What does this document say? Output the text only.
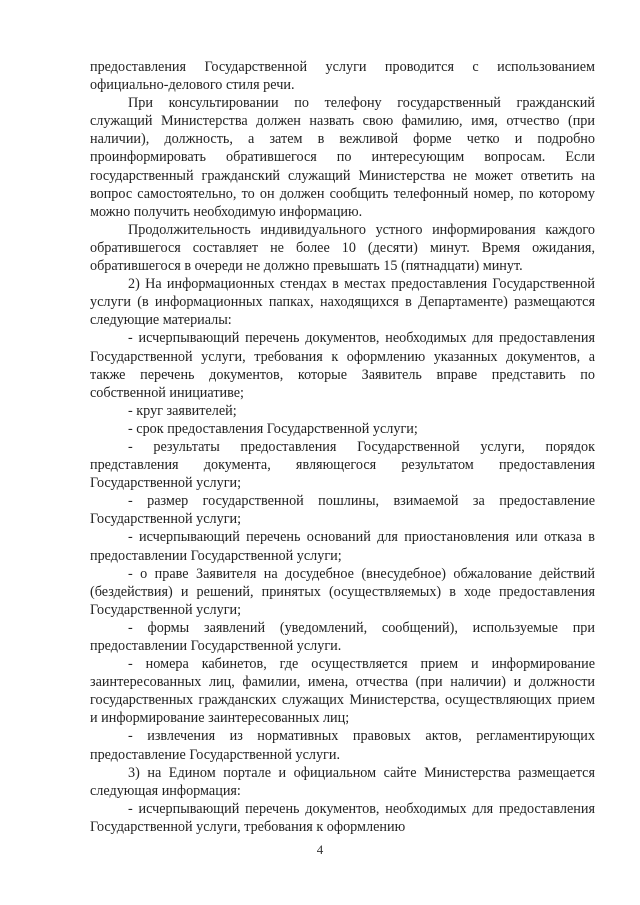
предоставления Государственной услуги проводится с использованием официально-делового стиля речи.

При консультировании по телефону государственный гражданский служащий Министерства должен назвать свою фамилию, имя, отчество (при наличии), должность, а затем в вежливой форме четко и подробно проинформировать обратившегося по интересующим вопросам. Если государственный гражданский служащий Министерства не может ответить на вопрос самостоятельно, то он должен сообщить телефонный номер, по которому можно получить необходимую информацию.

Продолжительность индивидуального устного информирования каждого обратившегося составляет не более 10 (десяти) минут. Время ожидания, обратившегося в очереди не должно превышать 15 (пятнадцати) минут.

2) На информационных стендах в местах предоставления Государственной услуги (в информационных папках, находящихся в Департаменте) размещаются следующие материалы:

- исчерпывающий перечень документов, необходимых для предоставления Государственной услуги, требования к оформлению указанных документов, а также перечень документов, которые Заявитель вправе представить по собственной инициативе;

- круг заявителей;

- срок предоставления Государственной услуги;

- результаты предоставления Государственной услуги, порядок представления документа, являющегося результатом предоставления Государственной услуги;

- размер государственной пошлины, взимаемой за предоставление Государственной услуги;

- исчерпывающий перечень оснований для приостановления или отказа в предоставлении Государственной услуги;

- о праве Заявителя на досудебное (внесудебное) обжалование действий (бездействия) и решений, принятых (осуществляемых) в ходе предоставления Государственной услуги;

- формы заявлений (уведомлений, сообщений), используемые при предоставлении Государственной услуги.

- номера кабинетов, где осуществляется прием и информирование заинтересованных лиц, фамилии, имена, отчества (при наличии) и должности государственных гражданских служащих Министерства, осуществляющих прием и информирование заинтересованных лиц;

- извлечения из нормативных правовых актов, регламентирующих предоставление Государственной услуги.

3) на Едином портале и официальном сайте Министерства размещается следующая информация:

- исчерпывающий перечень документов, необходимых для предоставления Государственной услуги, требования к оформлению

4
